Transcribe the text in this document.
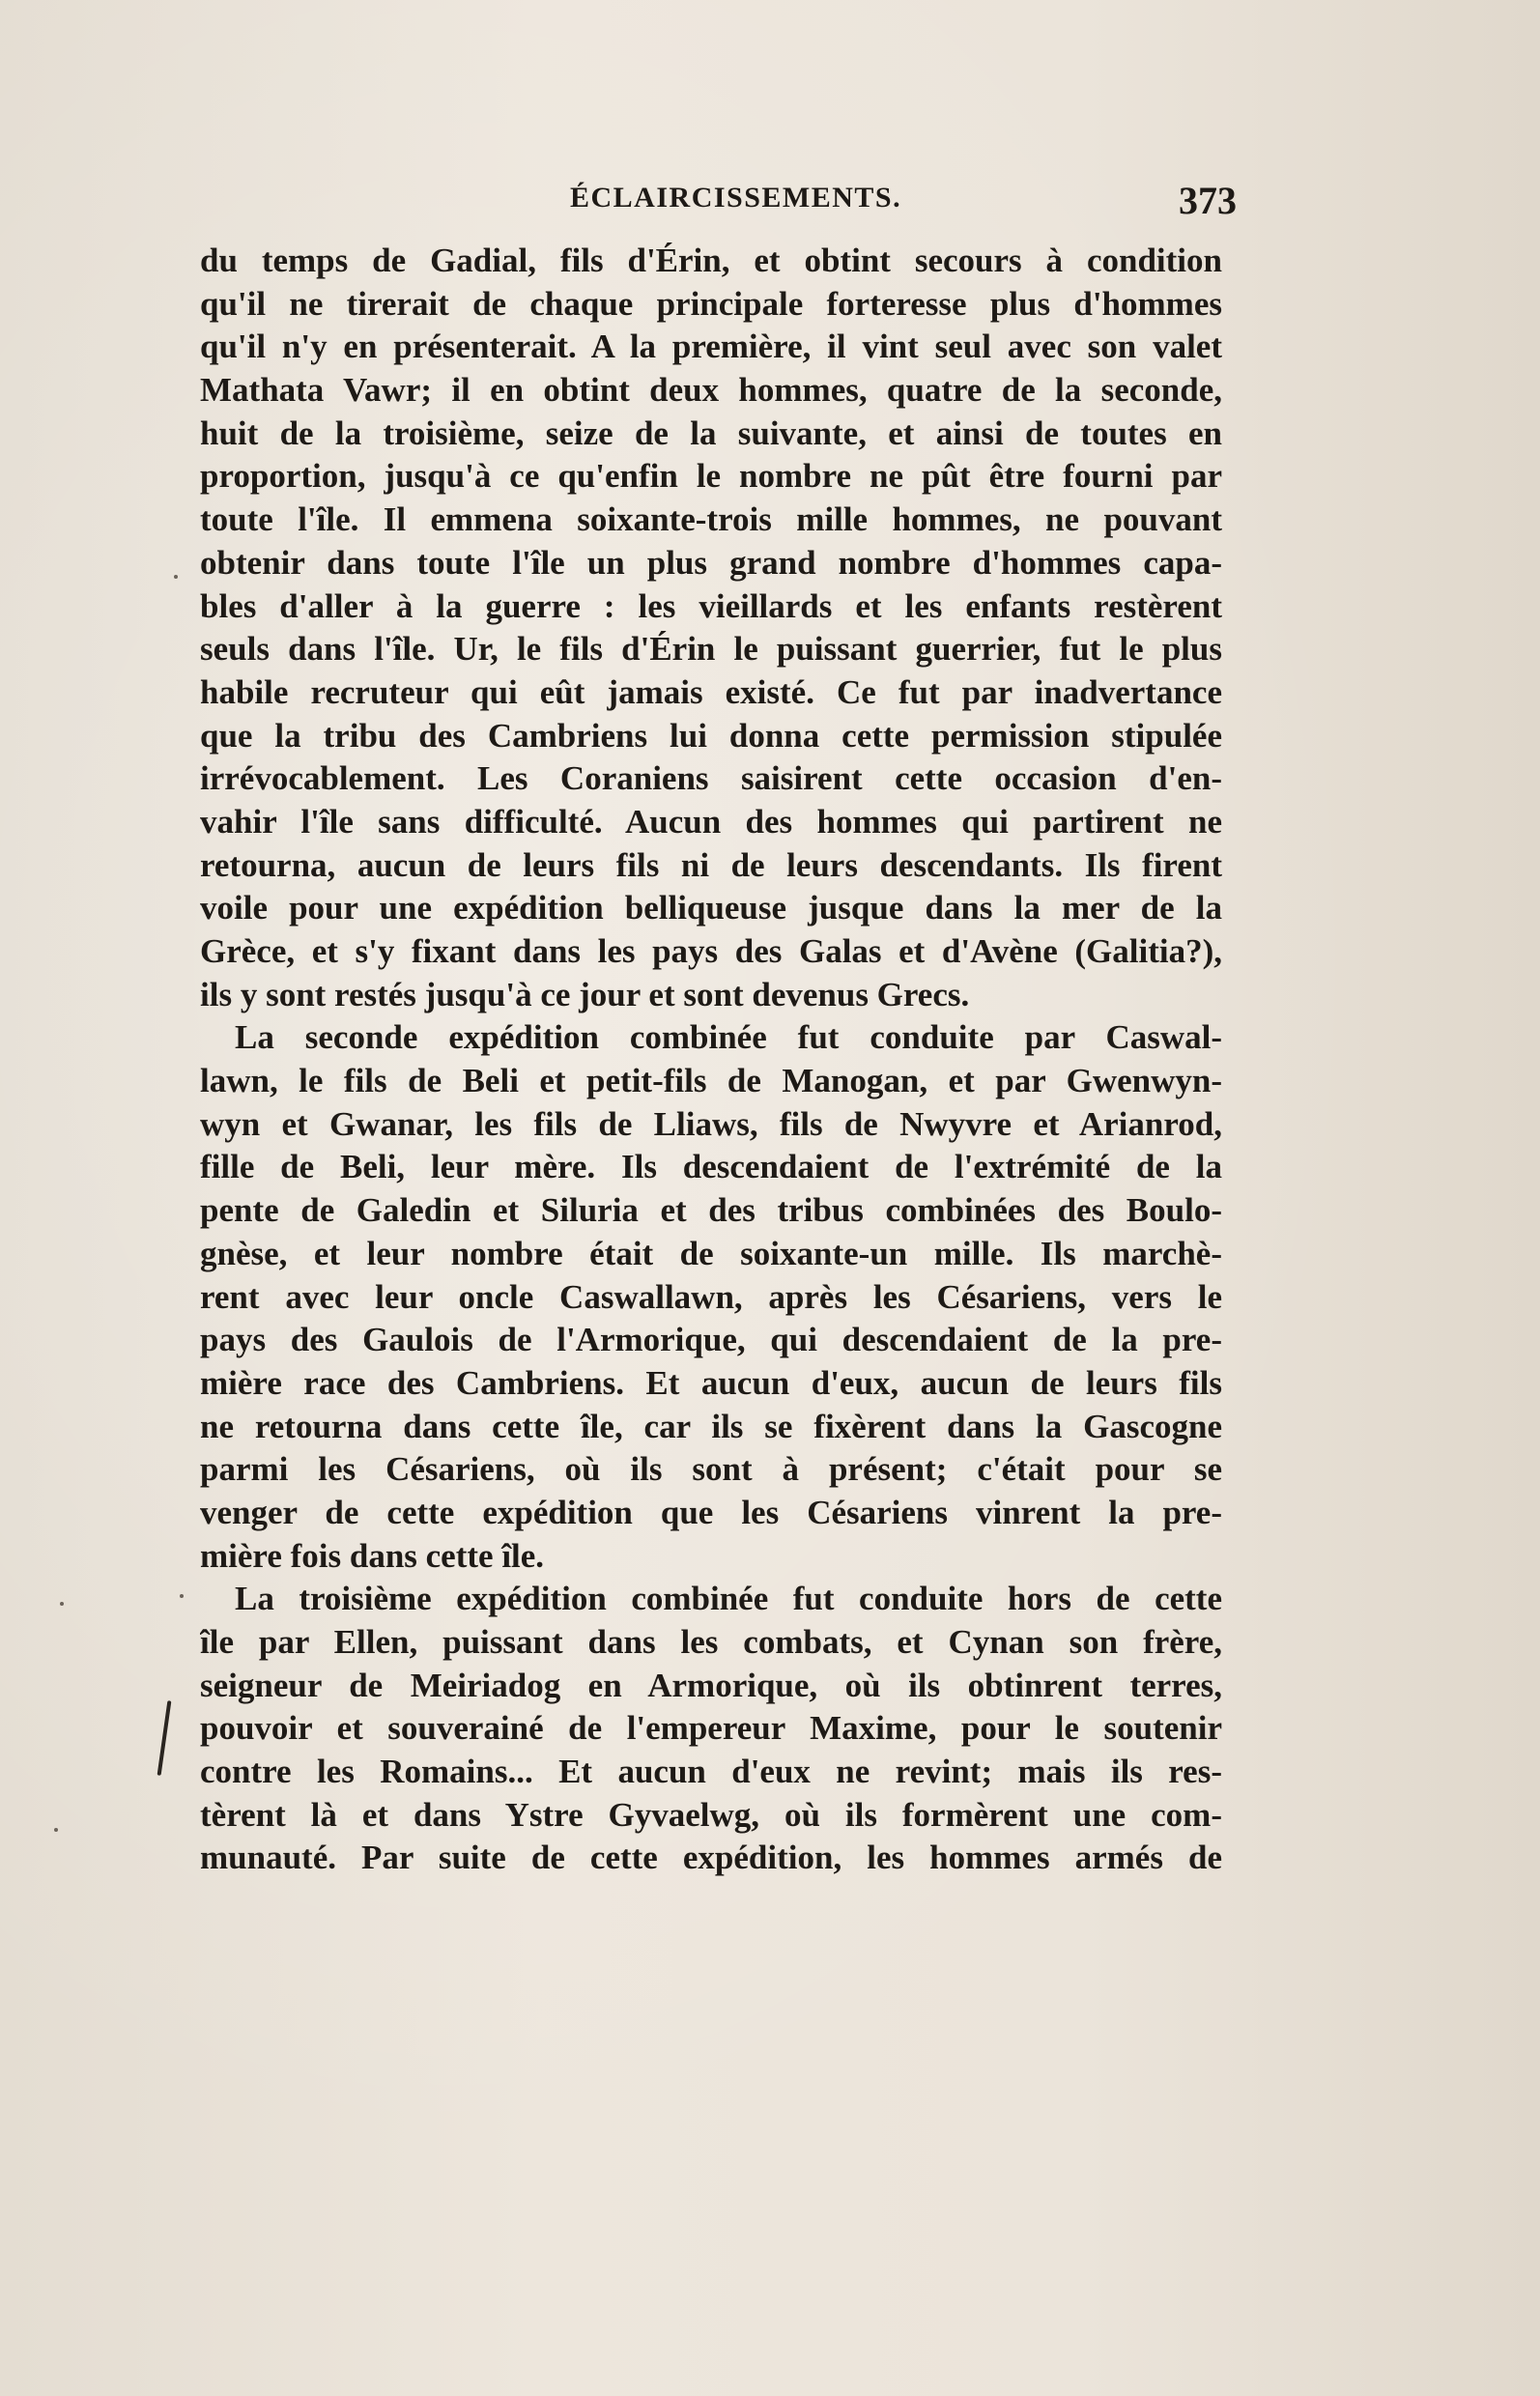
ÉCLAIRCISSEMENTS.	373
du temps de Gadial, fils d'Érin, et obtint secours à condition
qu'il ne tirerait de chaque principale forteresse plus d'hommes
qu'il n'y en présenterait. A la première, il vint seul avec son valet
Mathata Vawr; il en obtint deux hommes, quatre de la seconde,
huit de la troisième, seize de la suivante, et ainsi de toutes en
proportion, jusqu'à ce qu'enfin le nombre ne pût être fourni par
toute l'île. Il emmena soixante-trois mille hommes, ne pouvant
obtenir dans toute l'île un plus grand nombre d'hommes capa-
bles d'aller à la guerre : les vieillards et les enfants restèrent
seuls dans l'île. Ur, le fils d'Érin le puissant guerrier, fut le plus
habile recruteur qui eût jamais existé. Ce fut par inadvertance
que la tribu des Cambriens lui donna cette permission stipulée
irrévocablement. Les Coraniens saisirent cette occasion d'en-
vahir l'île sans difficulté. Aucun des hommes qui partirent ne
retourna, aucun de leurs fils ni de leurs descendants. Ils firent
voile pour une expédition belliqueuse jusque dans la mer de la
Grèce, et s'y fixant dans les pays des Galas et d'Avène (Galitia?),
ils y sont restés jusqu'à ce jour et sont devenus Grecs.
La seconde expédition combinée fut conduite par Caswal-
lawn, le fils de Beli et petit-fils de Manogan, et par Gwenwyn-
wyn et Gwanar, les fils de Lliaws, fils de Nwyvre et Arianrod,
fille de Beli, leur mère. Ils descendaient de l'extrémité de la
pente de Galedin et Siluria et des tribus combinées des Boulo-
gnèse, et leur nombre était de soixante-un mille. Ils marchè-
rent avec leur oncle Caswallawn, après les Césariens, vers le
pays des Gaulois de l'Armorique, qui descendaient de la pre-
mière race des Cambriens. Et aucun d'eux, aucun de leurs fils
ne retourna dans cette île, car ils se fixèrent dans la Gascogne
parmi les Césariens, où ils sont à présent; c'était pour se
venger de cette expédition que les Césariens vinrent la pre-
mière fois dans cette île.
La troisième expédition combinée fut conduite hors de cette
île par Ellen, puissant dans les combats, et Cynan son frère,
seigneur de Meiriadog en Armorique, où ils obtinrent terres,
pouvoir et souverainé de l'empereur Maxime, pour le soutenir
contre les Romains... Et aucun d'eux ne revint; mais ils res-
tèrent là et dans Ystre Gyvaelwg, où ils formèrent une com-
munauté. Par suite de cette expédition, les hommes armés de
